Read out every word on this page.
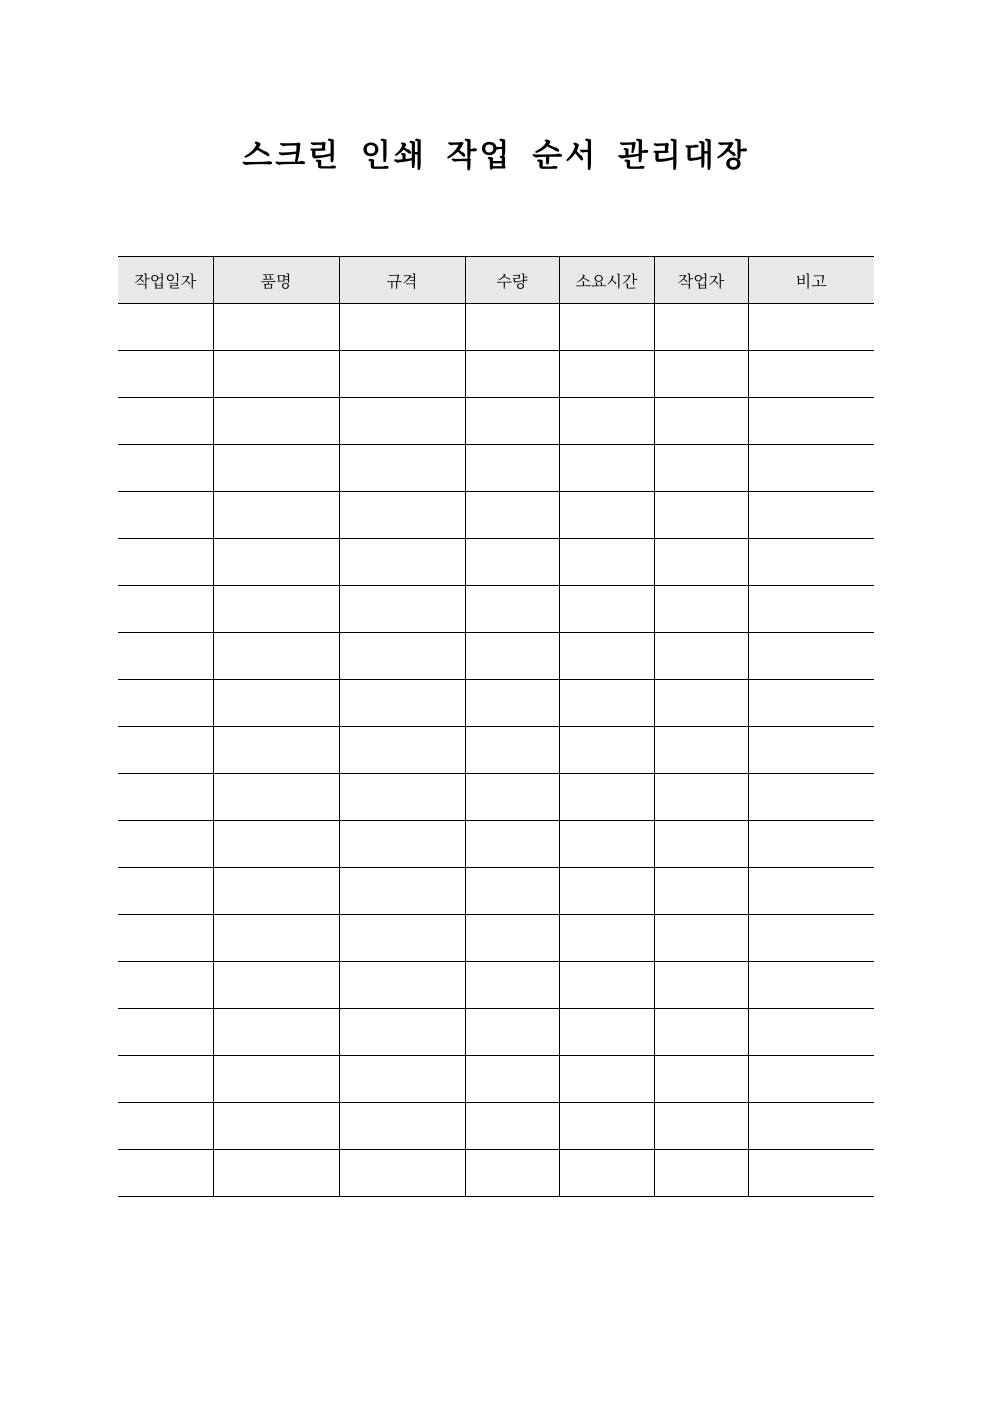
스크린 인쇄 작업 순서 관리대장
작업일자	품명	규격	수량	소요시간	작업자	비고
